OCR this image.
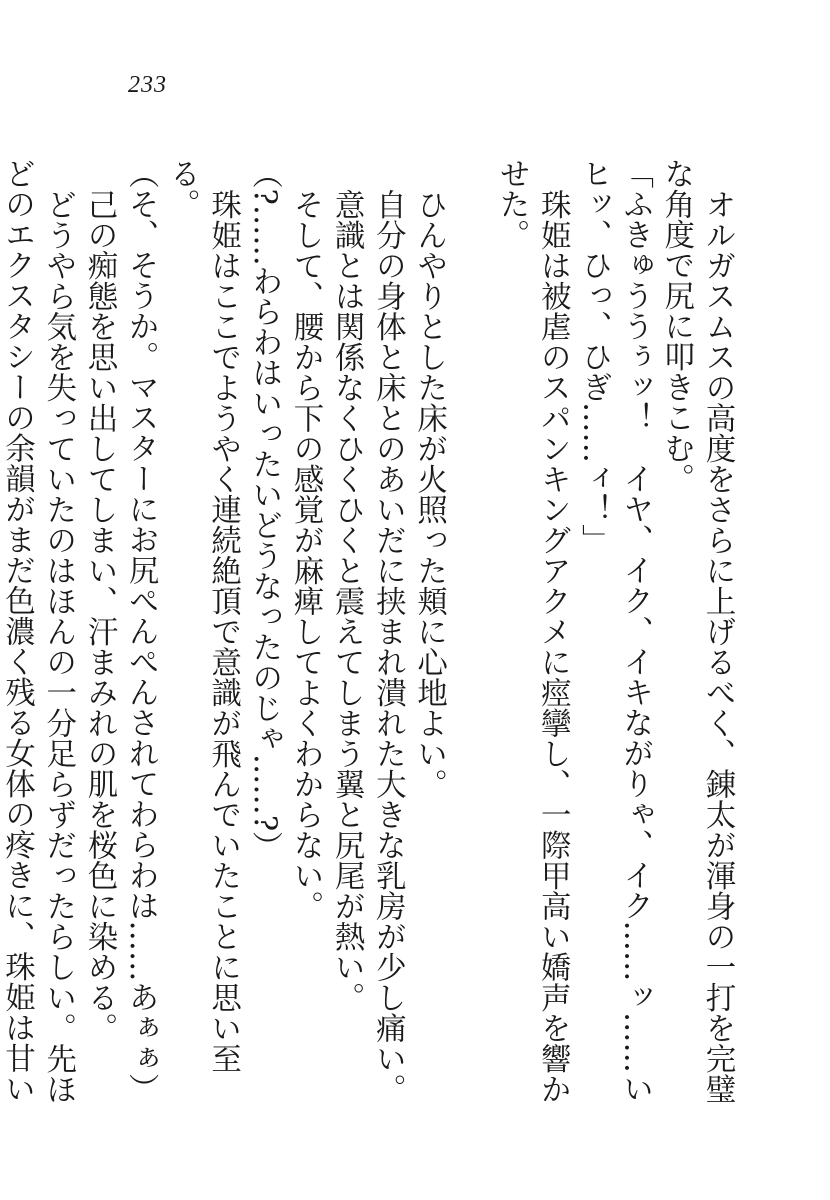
233

オルガスムスの高度をさらに上げるべく、錬太が渾身の一打を完璧な角度で尻に叩きこむ。

「ふきゅううぅッ！　イヤ、イク、イキながりゃ、イク……ッ……いヒッ、ひっ、ひぎ……ィ！」

珠姫は被虐のスパンキングアクメに痙攣し、一際甲高い嬌声を響かせた。

ひんやりとした床が火照った頬に心地よい。

自分の身体と床とのあいだに挟まれ潰れた大きな乳房が少し痛い。

意識とは関係なくひくひくと震えてしまう翼と尻尾が熱い。

そして、腰から下の感覚が麻痺してよくわからない。

（?……わらわはいったいどうなったのじゃ……?）

珠姫はここでようやく連続絶頂で意識が飛んでいたことに思い至る。

（そ、そうか。マスターにお尻ぺんぺんされてわらわは……あぁぁ）

己の痴態を思い出してしまい、汗まみれの肌を桜色に染める。

どうやら気を失っていたのはほんの一分足らずだったらしい。先ほどのエクスタシーの余韻がまだ色濃く残る女体の疼きに、珠姫は甘い
